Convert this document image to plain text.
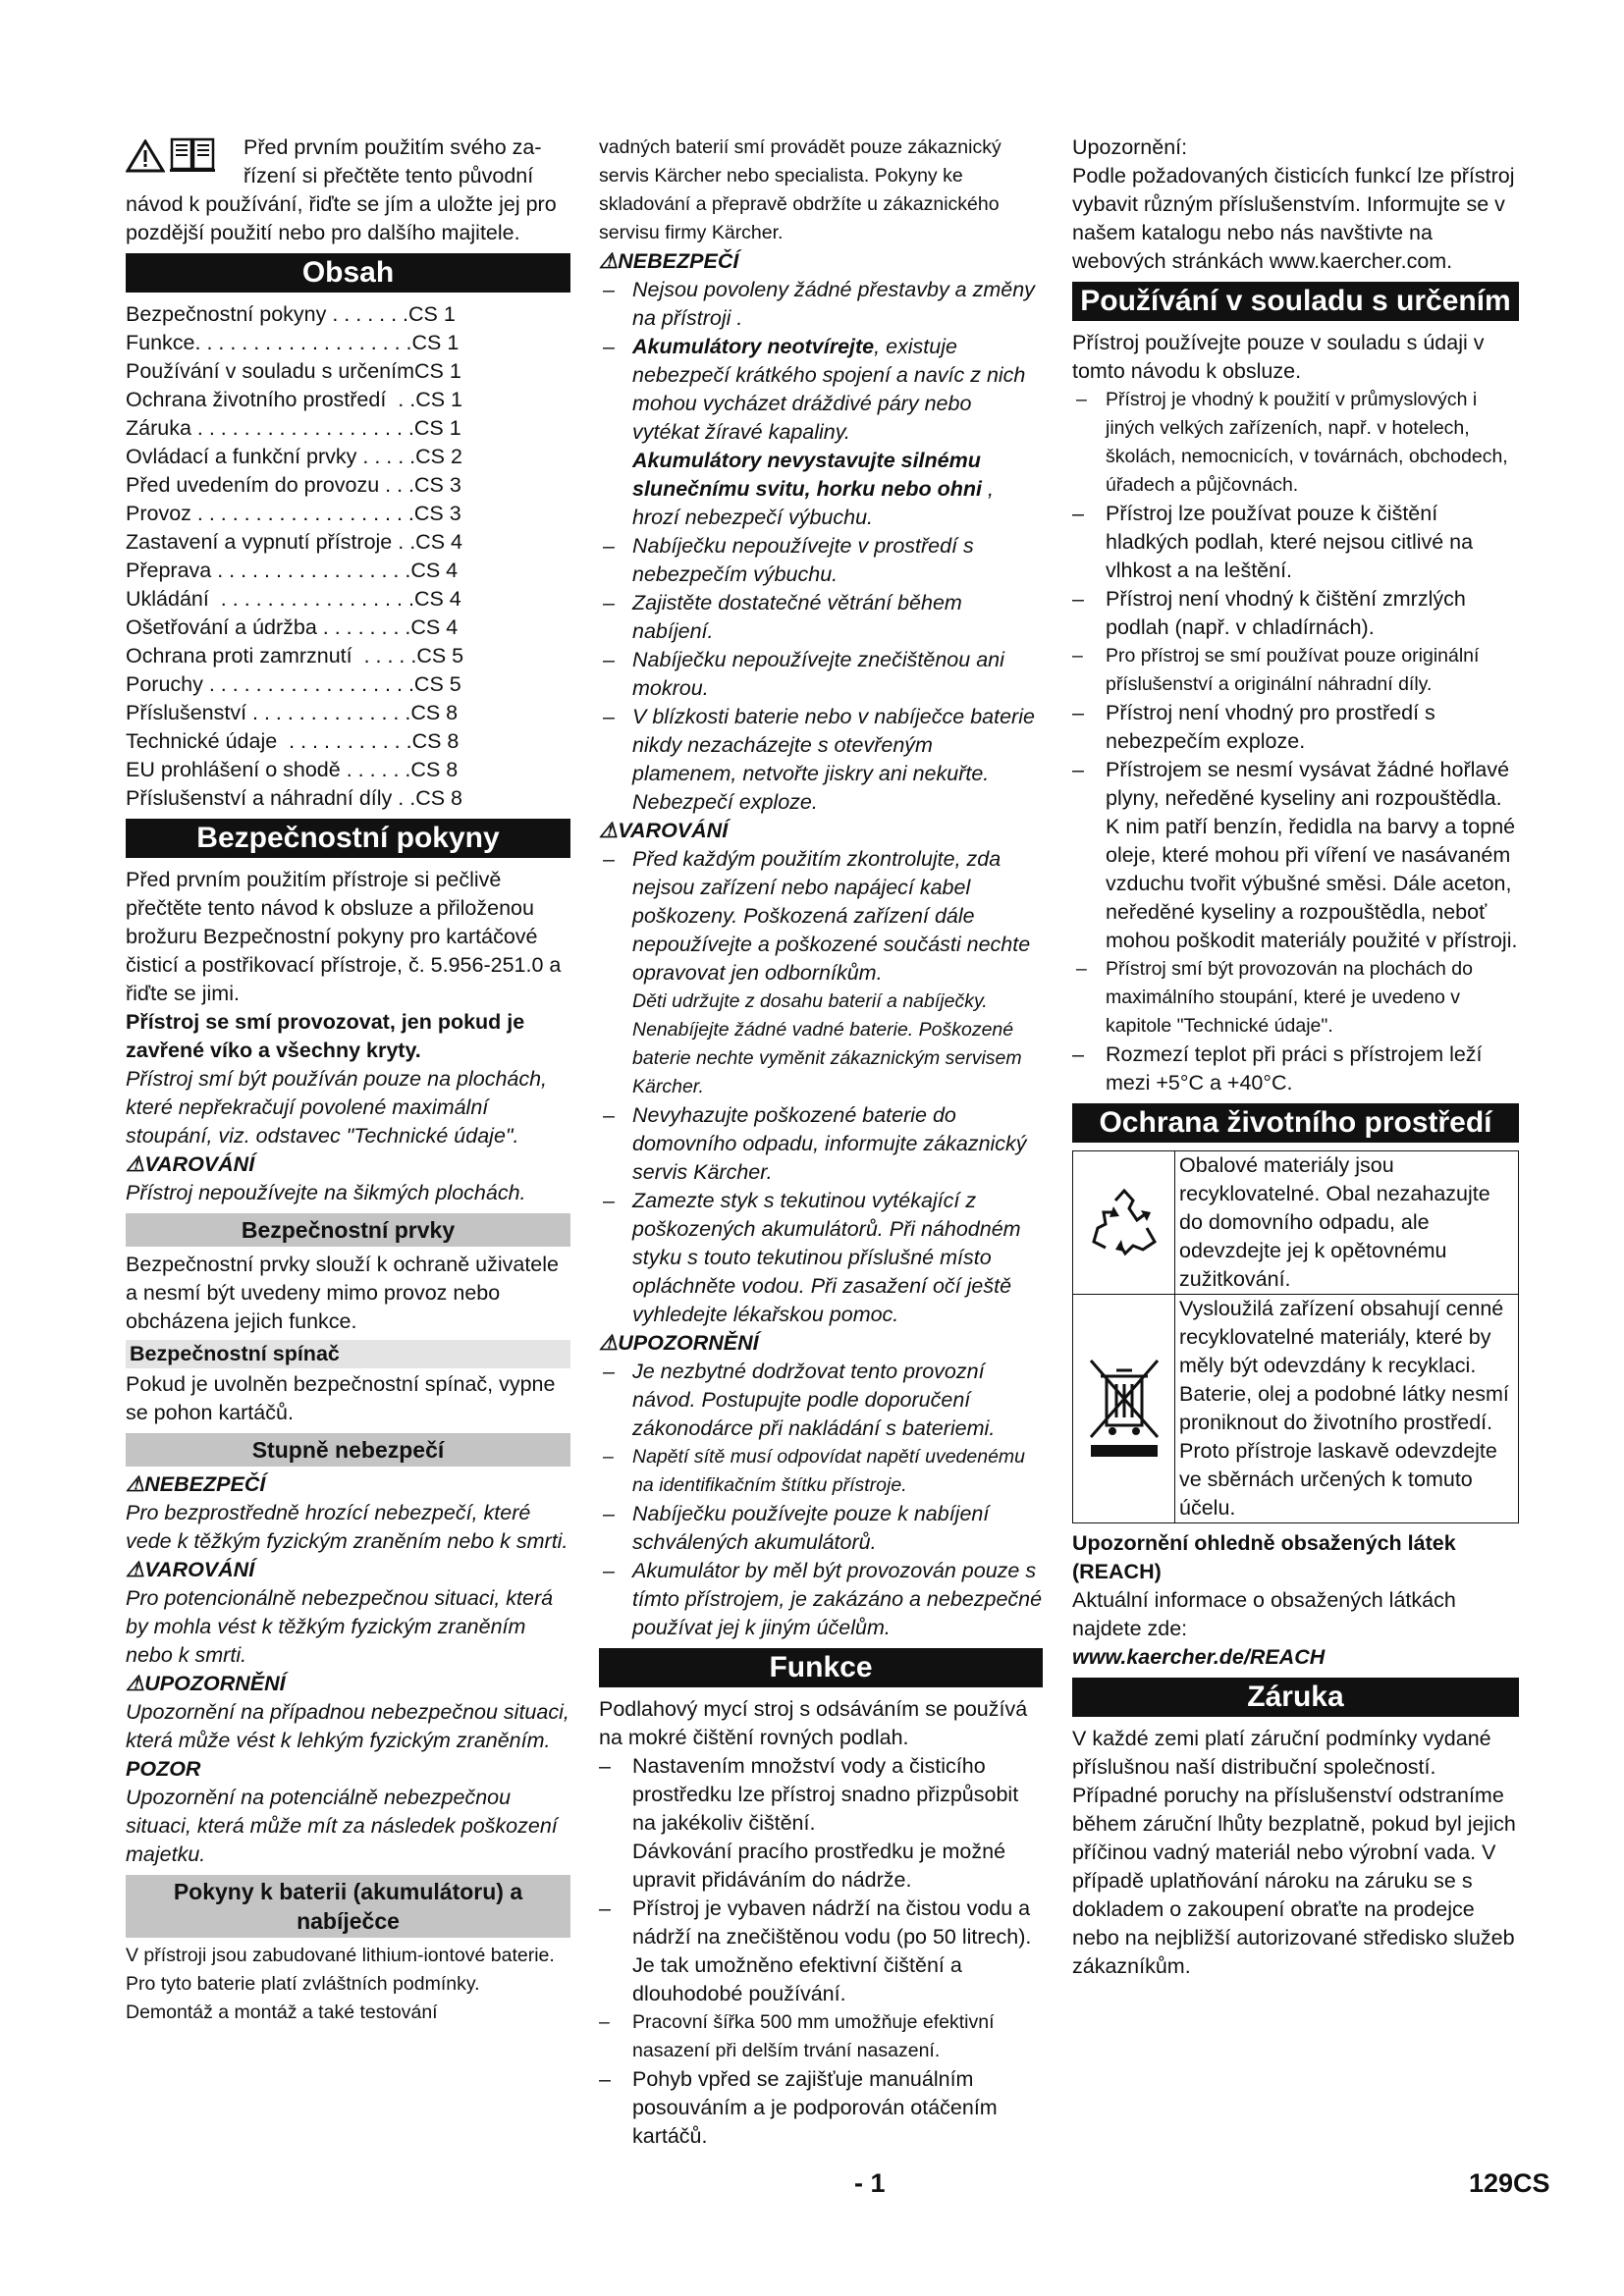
Před prvním použitím svého za-
řízení si přečtěte tento původní
návod k používání, řiďte se jím a uložte jej pro pozdější použití nebo pro dalšího majitele.
Obsah
Bezpečnostní pokyny . . . . . . . CS 1
Funkce. . . . . . . . . . . . . . . . . . . CS 1
Používání v souladu s určením CS 1
Ochrana životního prostředí  . . CS 1
Záruka . . . . . . . . . . . . . . . . . . . CS 1
Ovládací a funkční prvky . . . . . CS 2
Před uvedením do provozu . . . CS 3
Provoz . . . . . . . . . . . . . . . . . . . CS 3
Zastavení a vypnutí přístroje . . CS 4
Přeprava . . . . . . . . . . . . . . . . . CS 4
Ukládání  . . . . . . . . . . . . . . . . . CS 4
Ošetřování a údržba . . . . . . . . CS 4
Ochrana proti zamrznutí  . . . . . CS 5
Poruchy . . . . . . . . . . . . . . . . . . CS 5
Příslušenství . . . . . . . . . . . . . . CS 8
Technické údaje  . . . . . . . . . . . CS 8
EU prohlášení o shodě . . . . . . CS 8
Příslušenství a náhradní díly . . CS 8
Bezpečnostní pokyny
Před prvním použitím přístroje si pečlivě přečtěte tento návod k obsluze a přiloženou brožuru Bezpečnostní pokyny pro kartáčové čisticí a postřikovací přístroje, č. 5.956-251.0 a řiďte se jimi.
Přístroj se smí provozovat, jen pokud je zavřené víko a všechny kryty.
Přístroj smí být používán pouze na plochách, které nepřekračují povolené maximální stoupání, viz. odstavec "Technické údaje".
⚠VAROVÁNÍ
Přístroj nepoužívejte na šikmých plochách.
Bezpečnostní prvky
Bezpečnostní prvky slouží k ochraně uživatele a nesmí být uvedeny mimo provoz nebo obcházena jejich funkce.
Bezpečnostní spínač
Pokud je uvolněn bezpečnostní spínač, vypne se pohon kartáčů.
Stupně nebezpečí
⚠NEBEZPEČÍ
Pro bezprostředně hrozící nebezpečí, které vede k těžkým fyzickým zraněním nebo k smrti.
⚠VAROVÁNÍ
Pro potencionálně nebezpečnou situaci, která by mohla vést k těžkým fyzickým zraněním nebo k smrti.
⚠UPOZORNĚNÍ
Upozornění na případnou nebezpečnou situaci, která může vést k lehkým fyzickým zraněním.
POZOR
Upozornění na potenciálně nebezpečnou situaci, která může mít za následek poškození majetku.
Pokyny k baterii (akumulátoru) a nabíječce
V přístroji jsou zabudované lithium-iontové baterie. Pro tyto baterie platí zvláštních podmínky. Demontáž a montáž a také testování
vadných baterií smí provádět pouze zákaznický servis Kärcher nebo specialista. Pokyny ke skladování a přepravě obdržíte u zákaznického servisu firmy Kärcher.
⚠NEBEZPEČÍ
– Nejsou povoleny žádné přestavby a změny na přístroji .
– Akumulátory neotvírejte, existuje nebezpečí krátkého spojení a navíc z nich mohou vycházet dráždivé páry nebo vytékat žíravé kapaliny.
Akumulátory nevystavujte silnému slunečnímu svitu, horku nebo ohni , hrozí nebezpečí výbuchu.
– Nabíječku nepoužívejte v prostředí s nebezpečím výbuchu.
– Zajistěte dostatečné větrání během nabíjení.
– Nabíječku nepoužívejte znečištěnou ani mokrou.
– V blízkosti baterie nebo v nabíječce baterie nikdy nezacházejte s otevřeným plamenem, netvořte jiskry ani nekuřte. Nebezpečí exploze.
⚠VAROVÁNÍ
– Před každým použitím zkontrolujte, zda nejsou zařízení nebo napájecí kabel poškozeny. Poškozená zařízení dále nepoužívejte a poškozené součásti nechte opravovat jen odborníkům.
Děti udržujte z dosahu baterií a nabíječky. Nenabíjejte žádné vadné baterie. Poškozené baterie nechte vyměnit zákaznickým servisem Kärcher.
– Nevyhazujte poškozené baterie do domovního odpadu, informujte zákaznický servis Kärcher.
– Zamezte styk s tekutinou vytékající z poškozených akumulátorů. Při náhodném styku s touto tekutinou příslušné místo opláchněte vodou. Při zasažení očí ještě vyhledejte lékařskou pomoc.
⚠UPOZORNĚNÍ
– Je nezbytné dodržovat tento provozní návod. Postupujte podle doporučení zákonodárce při nakládání s bateriemi.
– Napětí sítě musí odpovídat napětí uvedenému na identifikačním štítku přístroje.
– Nabíječku používejte pouze k nabíjení schválených akumulátorů.
– Akumulátor by měl být provozován pouze s tímto přístrojem, je zakázáno a nebezpečné používat jej k jiným účelům.
Funkce
Podlahový mycí stroj s odsáváním se používá na mokré čištění rovných podlah.
– Nastavením množství vody a čisticího prostředku lze přístroj snadno přizpůsobit na jakékoliv čištění.
Dávkování pracího prostředku je možné upravit přidáváním do nádrže.
– Přístroj je vybaven nádrží na čistou vodu a nádrží na znečištěnou vodu (po 50 litrech). Je tak umožněno efektivní čištění a dlouhodobé používání.
– Pracovní šířka 500 mm umožňuje efektivní nasazení při delším trvání nasazení.
– Pohyb vpřed se zajišťuje manuálním posouváním a je podporován otáčením kartáčů.
Upozornění:
Podle požadovaných čisticích funkcí lze přístroj vybavit různým příslušenstvím. Informujte se v našem katalogu nebo nás navštivte na webových stránkách www.kaercher.com.
Používání v souladu s určením
Přístroj používejte pouze v souladu s údaji v tomto návodu k obsluze.
– Přístroj je vhodný k použití v průmyslových i jiných velkých zařízeních, např. v hotelech, školách, nemocnicích, v továrnách, obchodech, úřadech a půjčovnách.
– Přístroj lze používat pouze k čištění hladkých podlah, které nejsou citlivé na vlhkost a na leštění.
– Přístroj není vhodný k čištění zmrzlých podlah (např. v chladírnách).
– Pro přístroj se smí používat pouze originální příslušenství a originální náhradní díly.
– Přístroj není vhodný pro prostředí s nebezpečím exploze.
– Přístrojem se nesmí vysávat žádné hořlavé plyny, neředěné kyseliny ani rozpouštědla.
K nim patří benzín, ředidla na barvy a topné oleje, které mohou při víření ve nasávaném vzduchu tvořit výbušné směsi. Dále aceton, neředěné kyseliny a rozpouštědla, neboť mohou poškodit materiály použité v přístroji.
– Přístroj smí být provozován na plochách do maximálního stoupání, které je uvedeno v kapitole "Technické údaje".
– Rozmezí teplot při práci s přístrojem leží mezi +5°C a +40°C.
Ochrana životního prostředí
Obalové materiály jsou recyklovatelné. Obal nezahazujte do domovního odpadu, ale odevzdejte jej k opětovnému zužitkování.
Vysloužilá zařízení obsahují cenné recyklovatelné materiály, které by měly být odevzdány k recyklaci. Baterie, olej a podobné látky nesmí proniknout do životního prostředí. Proto přístroje laskavě odevzdejte ve sběrnách určených k tomuto účelu.
Upozornění ohledně obsažených látek (REACH)
Aktuální informace o obsažených látkách najdete zde:
www.kaercher.de/REACH
Záruka
V každé zemi platí záruční podmínky vydané příslušnou naší distribuční společností. Případné poruchy na příslušenství odstraníme během záruční lhůty bezplatně, pokud byl jejich příčinou vadný materiál nebo výrobní vada. V případě uplatňování nároku na záruku se s dokladem o zakoupení obraťte na prodejce nebo na nejbližší autorizované středisko služeb zákazníkům.
- 1	129CS
